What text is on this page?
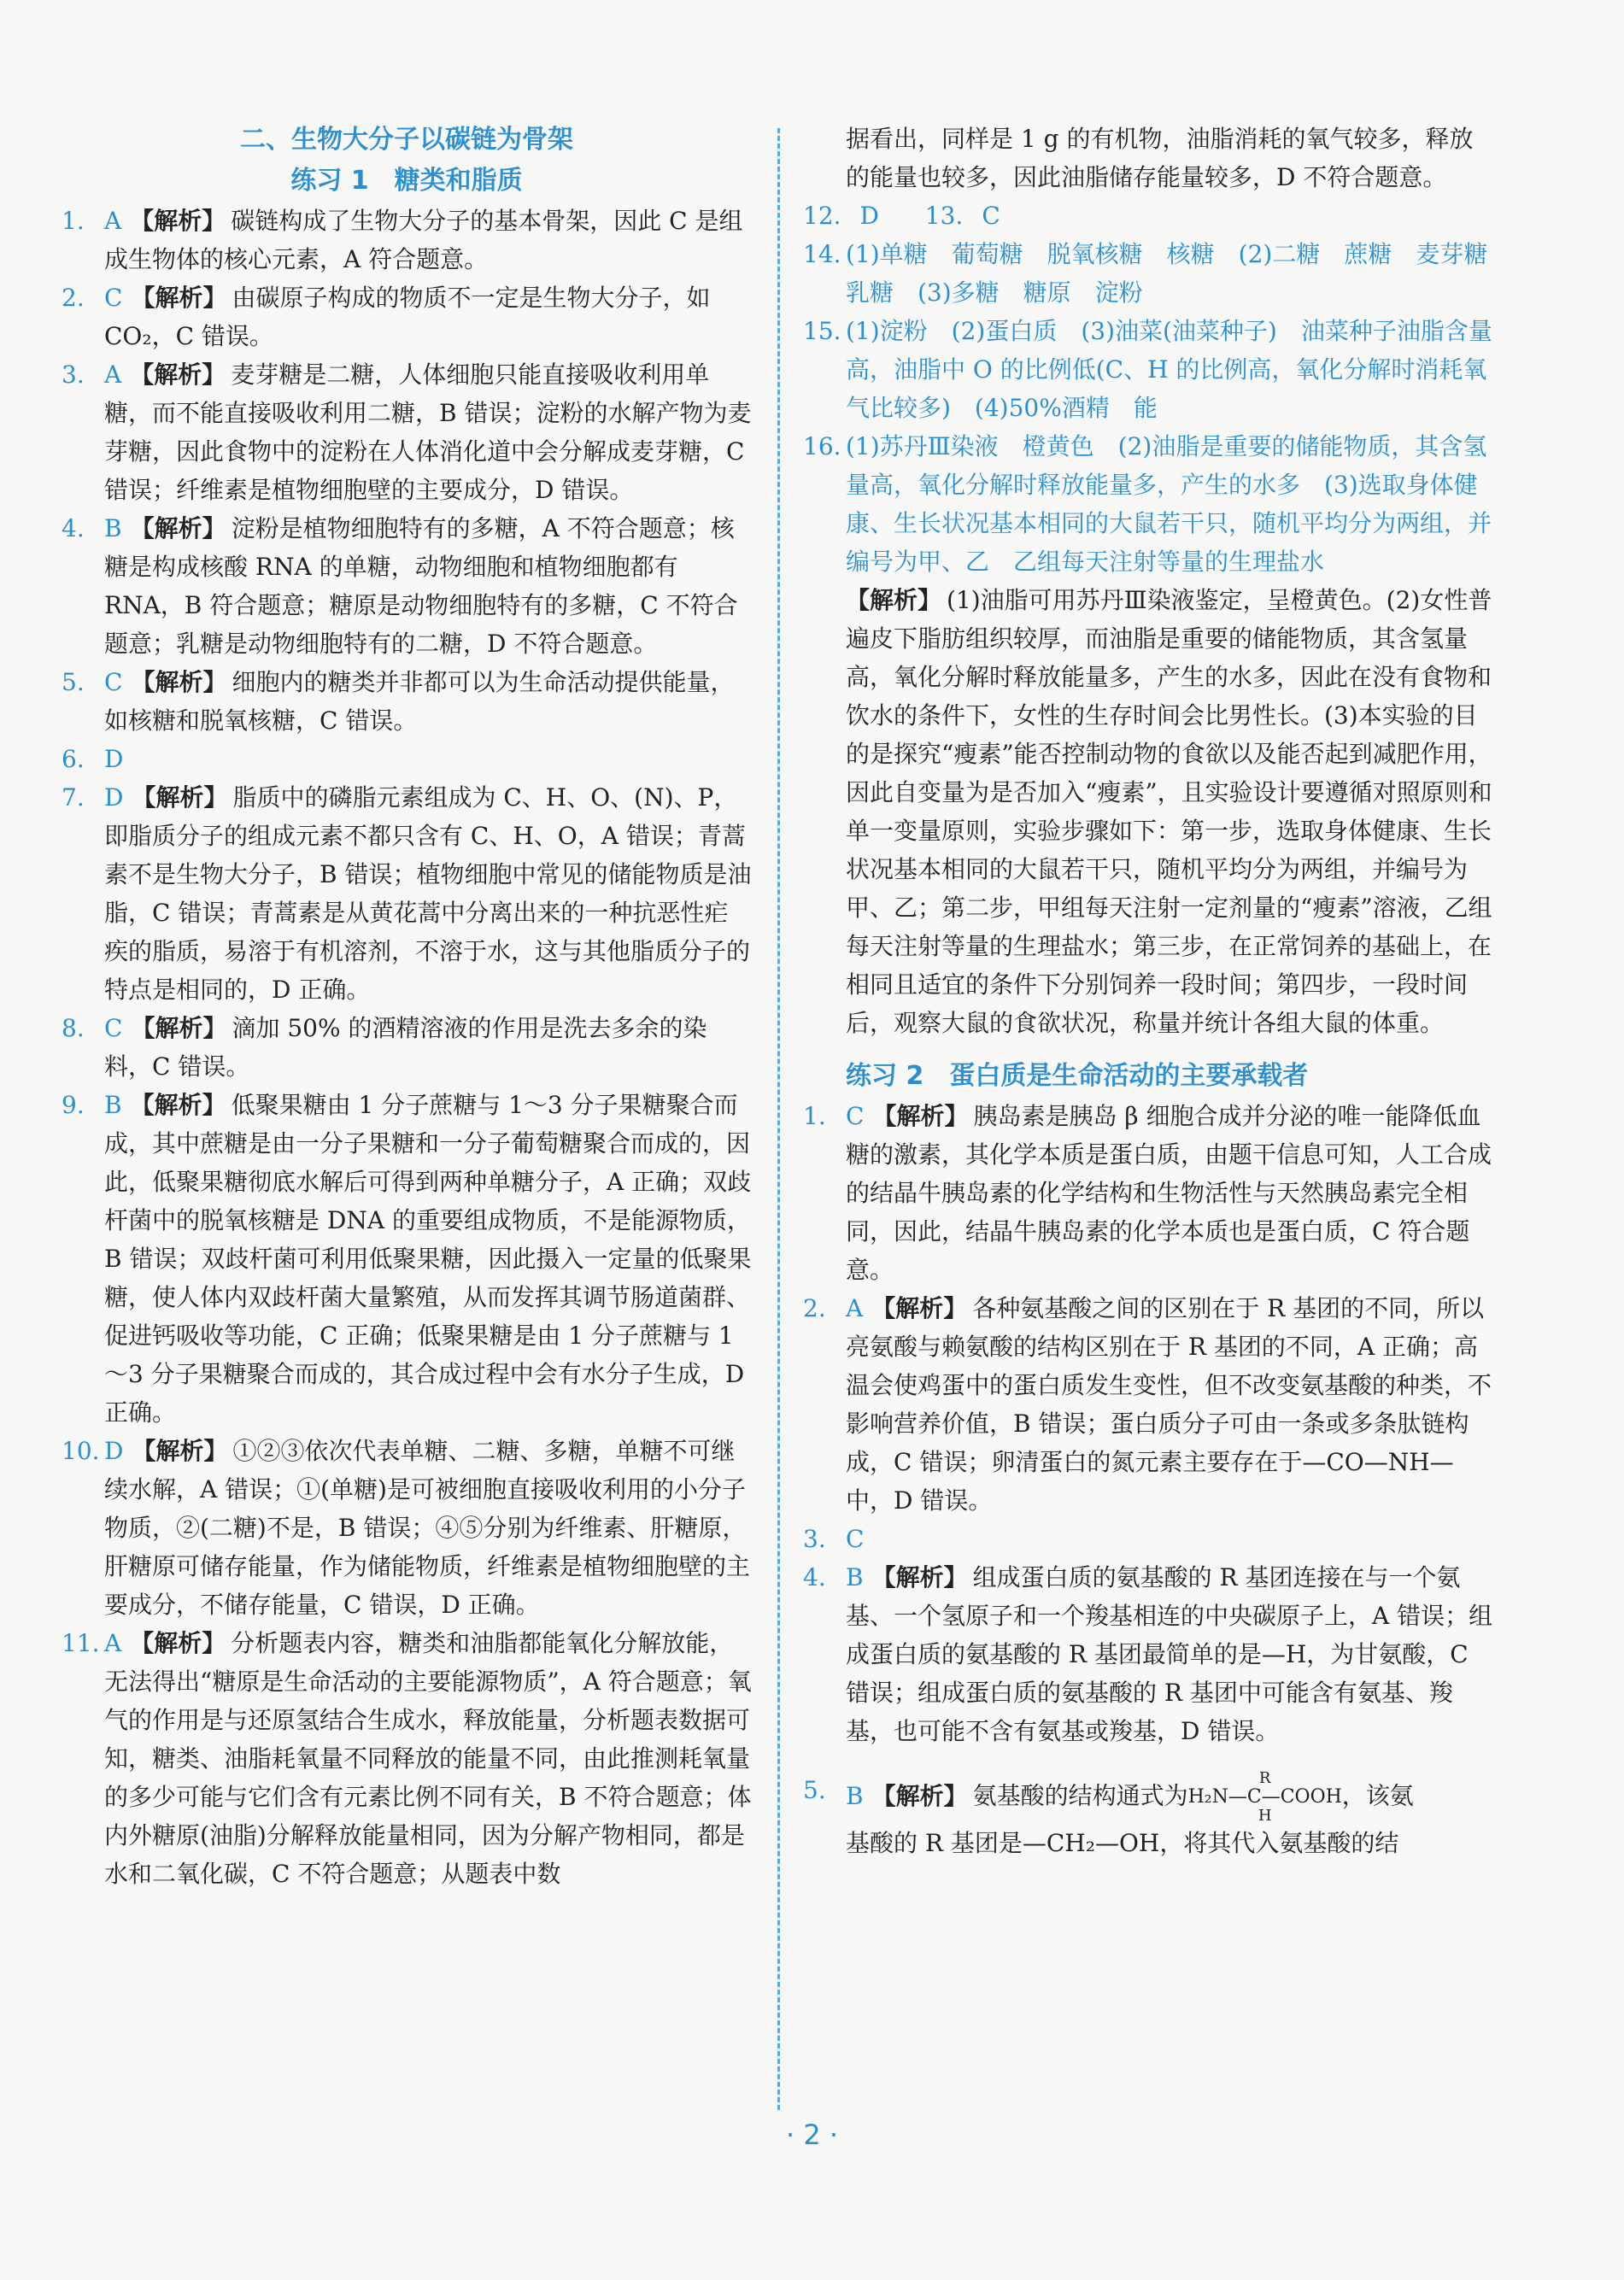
二、生物大分子以碳链为骨架
练习 1　糖类和脂质

1. A 【解析】 碳链构成了生物大分子的基本骨架，因此 C 是组成生物体的核心元素，A 符合题意。

2. C 【解析】 由碳原子构成的物质不一定是生物大分子，如 CO₂，C 错误。

3. A 【解析】 麦芽糖是二糖，人体细胞只能直接吸收利用单糖，而不能直接吸收利用二糖，B 错误；淀粉的水解产物为麦芽糖，因此食物中的淀粉在人体消化道中会分解成麦芽糖，C 错误；纤维素是植物细胞壁的主要成分，D 错误。

4. B 【解析】 淀粉是植物细胞特有的多糖，A 不符合题意；核糖是构成核酸 RNA 的单糖，动物细胞和植物细胞都有 RNA，B 符合题意；糖原是动物细胞特有的多糖，C 不符合题意；乳糖是动物细胞特有的二糖，D 不符合题意。

5. C 【解析】 细胞内的糖类并非都可以为生命活动提供能量，如核糖和脱氧核糖，C 错误。

6. D

7. D 【解析】 脂质中的磷脂元素组成为 C、H、O、(N)、P，即脂质分子的组成元素不都只含有 C、H、O，A 错误；青蒿素不是生物大分子，B 错误；植物细胞中常见的储能物质是油脂，C 错误；青蒿素是从黄花蒿中分离出来的一种抗恶性疟疾的脂质，易溶于有机溶剂，不溶于水，这与其他脂质分子的特点是相同的，D 正确。

8. C 【解析】 滴加 50% 的酒精溶液的作用是洗去多余的染料，C 错误。

9. B 【解析】 低聚果糖由 1 分子蔗糖与 1～3 分子果糖聚合而成，其中蔗糖是由一分子果糖和一分子葡萄糖聚合而成的，因此，低聚果糖彻底水解后可得到两种单糖分子，A 正确；双歧杆菌中的脱氧核糖是 DNA 的重要组成物质，不是能源物质，B 错误；双歧杆菌可利用低聚果糖，因此摄入一定量的低聚果糖，使人体内双歧杆菌大量繁殖，从而发挥其调节肠道菌群、促进钙吸收等功能，C 正确；低聚果糖是由 1 分子蔗糖与 1～3 分子果糖聚合而成的，其合成过程中会有水分子生成，D 正确。

10. D 【解析】 ①②③依次代表单糖、二糖、多糖，单糖不可继续水解，A 错误；①(单糖)是可被细胞直接吸收利用的小分子物质，②(二糖)不是，B 错误；④⑤分别为纤维素、肝糖原，肝糖原可储存能量，作为储能物质，纤维素是植物细胞壁的主要成分，不储存能量，C 错误，D 正确。

11. A 【解析】 分析题表内容，糖类和油脂都能氧化分解放能，无法得出“糖原是生命活动的主要能源物质”，A 符合题意；氧气的作用是与还原氢结合生成水，释放能量，分析题表数据可知，糖类、油脂耗氧量不同释放的能量不同，由此推测耗氧量的多少可能与它们含有元素比例不同有关，B 不符合题意；体内外糖原(油脂)分解释放能量相同，因为分解产物相同，都是水和二氧化碳，C 不符合题意；从题表中数

据看出，同样是 1 g 的有机物，油脂消耗的氧气较多，释放的能量也较多，因此油脂储存能量较多，D 不符合题意。

12. D 13. C

14. (1)单糖　葡萄糖　脱氧核糖　核糖　(2)二糖　蔗糖　麦芽糖　乳糖　(3)多糖　糖原　淀粉

15. (1)淀粉　(2)蛋白质　(3)油菜(油菜种子)　油菜种子油脂含量高，油脂中 O 的比例低(C、H 的比例高，氧化分解时消耗氧气比较多)　(4)50%酒精　能

16. (1)苏丹Ⅲ染液　橙黄色　(2)油脂是重要的储能物质，其含氢量高，氧化分解时释放能量多，产生的水多　(3)选取身体健康、生长状况基本相同的大鼠若干只，随机平均分为两组，并编号为甲、乙　乙组每天注射等量的生理盐水

【解析】 (1)油脂可用苏丹Ⅲ染液鉴定，呈橙黄色。(2)女性普遍皮下脂肪组织较厚，而油脂是重要的储能物质，其含氢量高，氧化分解时释放能量多，产生的水多，因此在没有食物和饮水的条件下，女性的生存时间会比男性长。(3)本实验的目的是探究“瘦素”能否控制动物的食欲以及能否起到减肥作用，因此自变量为是否加入“瘦素”，且实验设计要遵循对照原则和单一变量原则，实验步骤如下：第一步，选取身体健康、生长状况基本相同的大鼠若干只，随机平均分为两组，并编号为甲、乙；第二步，甲组每天注射一定剂量的“瘦素”溶液，乙组每天注射等量的生理盐水；第三步，在正常饲养的基础上，在相同且适宜的条件下分别饲养一段时间；第四步，一段时间后，观察大鼠的食欲状况，称量并统计各组大鼠的体重。

练习 2　蛋白质是生命活动的主要承载者

1. C 【解析】 胰岛素是胰岛 β 细胞合成并分泌的唯一能降低血糖的激素，其化学本质是蛋白质，由题干信息可知，人工合成的结晶牛胰岛素的化学结构和生物活性与天然胰岛素完全相同，因此，结晶牛胰岛素的化学本质也是蛋白质，C 符合题意。

2. A 【解析】 各种氨基酸之间的区别在于 R 基团的不同，所以亮氨酸与赖氨酸的结构区别在于 R 基团的不同，A 正确；高温会使鸡蛋中的蛋白质发生变性，但不改变氨基酸的种类，不影响营养价值，B 错误；蛋白质分子可由一条或多条肽链构成，C 错误；卵清蛋白的氮元素主要存在于—CO—NH—中，D 错误。

3. C

4. B 【解析】 组成蛋白质的氨基酸的 R 基团连接在与一个氨基、一个氢原子和一个羧基相连的中央碳原子上，A 错误；组成蛋白质的氨基酸的 R 基团最简单的是—H，为甘氨酸，C 错误；组成蛋白质的氨基酸的 R 基团中可能含有氨基、羧基，也可能不含有氨基或羧基，D 错误。

5. B 【解析】 氨基酸的结构通式为
R
H₂N—C—COOH
H
，该氨

基酸的 R 基团是—CH₂—OH，将其代入氨基酸的结

· 2 ·
